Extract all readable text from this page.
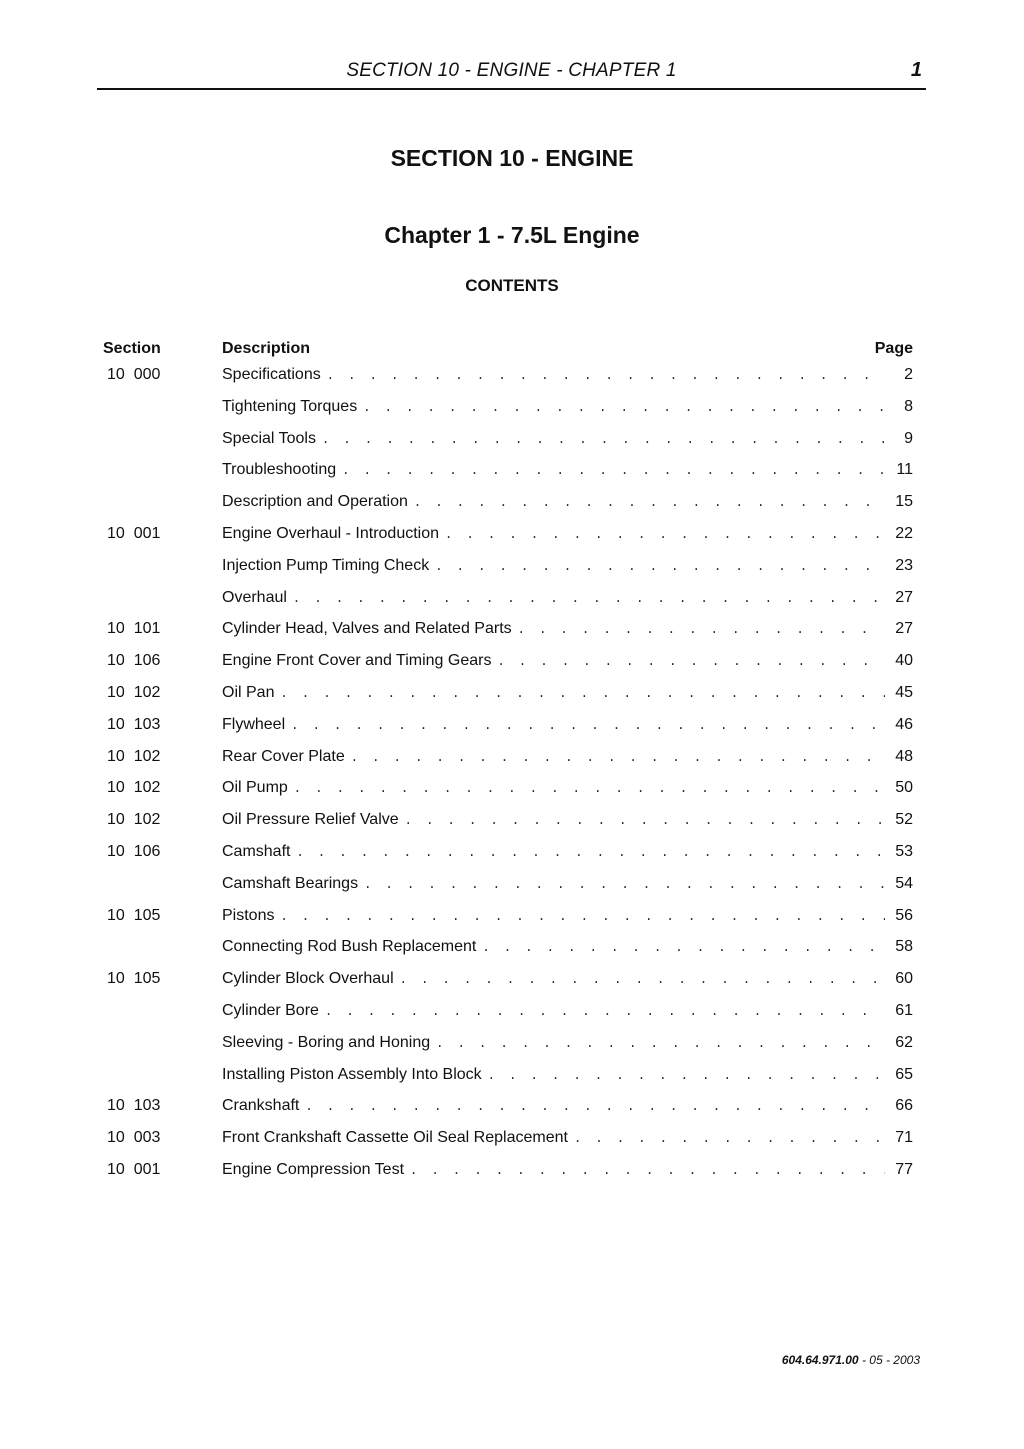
SECTION 10 - ENGINE - CHAPTER 1	1
SECTION 10 - ENGINE
Chapter 1 - 7.5L Engine
CONTENTS
Section	Description	Page
10  000	Specifications . . .	2
Tightening Torques . . .	8
Special Tools . . .	9
Troubleshooting . . .	11
Description and Operation . . .	15
10  001	Engine Overhaul - Introduction . . .	22
Injection Pump Timing Check . . .	23
Overhaul . . .	27
10  101	Cylinder Head, Valves and Related Parts . . .	27
10  106	Engine Front Cover and Timing Gears . . .	40
10  102	Oil Pan . . .	45
10  103	Flywheel . . .	46
10  102	Rear Cover Plate . . .	48
10  102	Oil Pump . . .	50
10  102	Oil Pressure Relief Valve . . .	52
10  106	Camshaft . . .	53
Camshaft Bearings . . .	54
10  105	Pistons . . .	56
Connecting Rod Bush Replacement . . .	58
10  105	Cylinder Block Overhaul . . .	60
Cylinder Bore . . .	61
Sleeving - Boring and Honing . . .	62
Installing Piston Assembly Into Block . . .	65
10  103	Crankshaft . . .	66
10  003	Front Crankshaft Cassette Oil Seal Replacement . . .	71
10  001	Engine Compression Test . . .	77
604.64.971.00 - 05 - 2003
